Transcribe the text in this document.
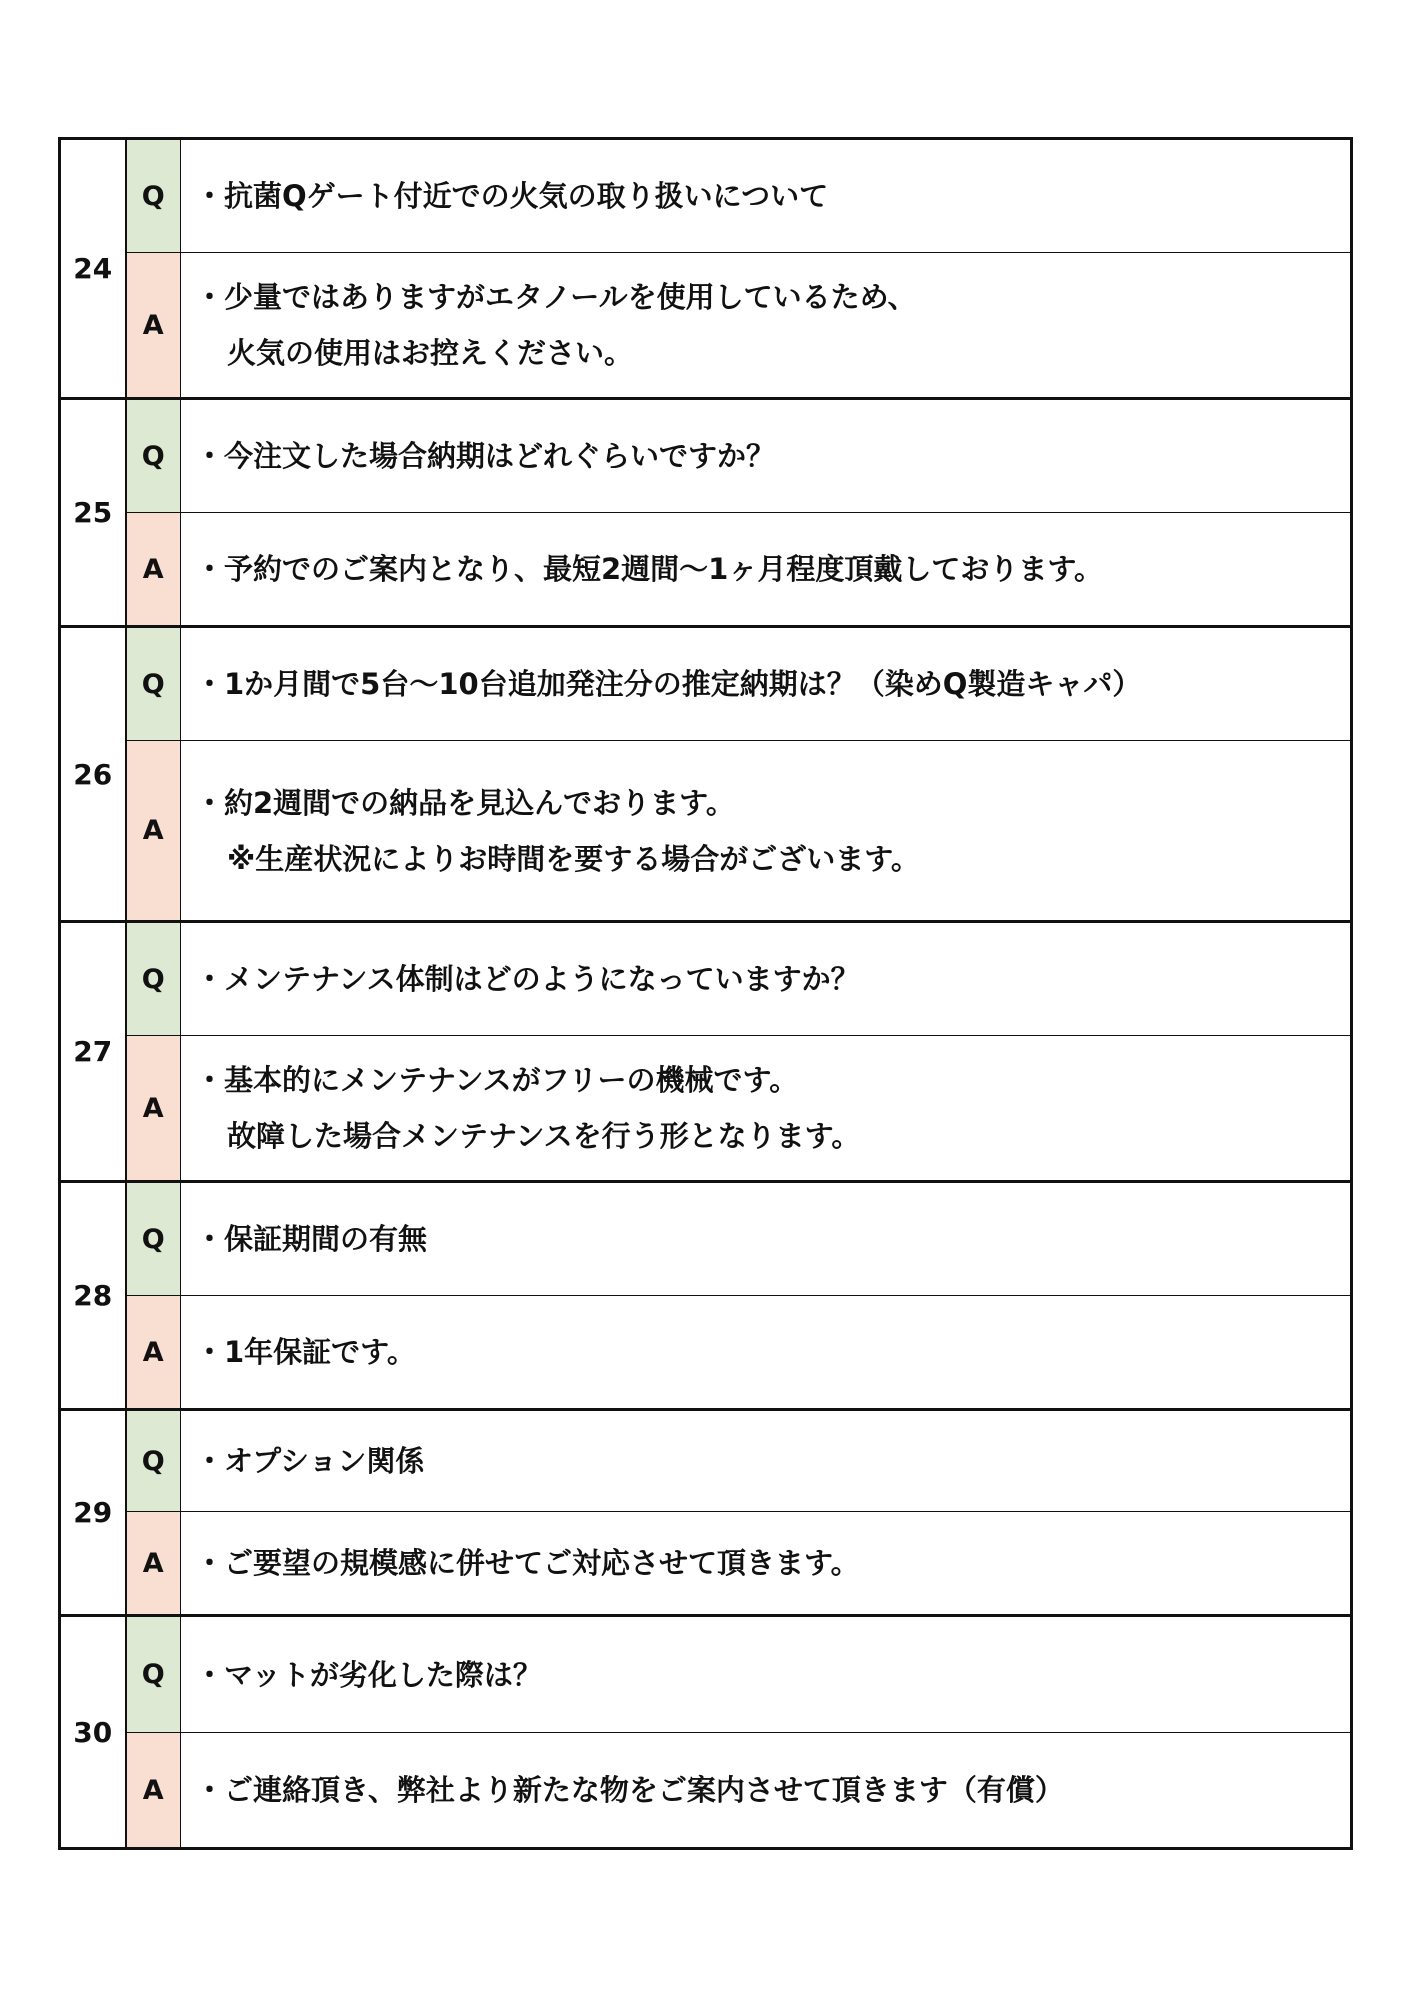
24	Q	・抗菌Qゲート付近での火気の取り扱いについて

	A	・少量ではありますがエタノールを使用しているため、
火気の使用はお控えください。

25	Q	・今注文した場合納期はどれぐらいですか？

	A	・予約でのご案内となり、最短2週間～1ヶ月程度頂戴しております。

26	Q	・1か月間で5台～10台追加発注分の推定納期は？（染めQ製造キャパ）

	A	・約2週間での納品を見込んでおります。
※生産状況によりお時間を要する場合がございます。

27	Q	・メンテナンス体制はどのようになっていますか？

	A	・基本的にメンテナンスがフリーの機械です。
故障した場合メンテナンスを行う形となります。

28	Q	・保証期間の有無

	A	・1年保証です。

29	Q	・オプション関係

	A	・ご要望の規模感に併せてご対応させて頂きます。

30	Q	・マットが劣化した際は？

	A	・ご連絡頂き、弊社より新たな物をご案内させて頂きます（有償）
